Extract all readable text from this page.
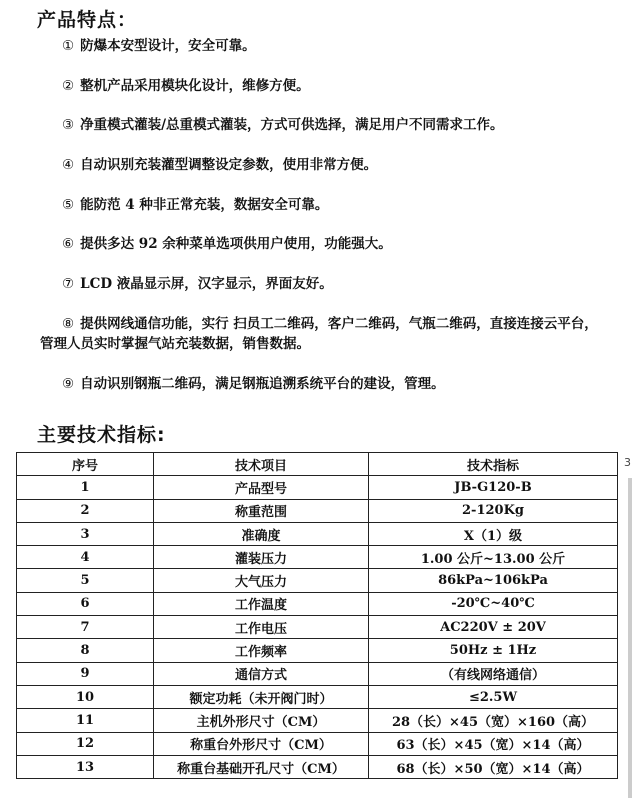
产品特点：

① 防爆本安型设计，安全可靠。

② 整机产品采用模块化设计，维修方便。

③ 净重模式灌装/总重模式灌装，方式可供选择，满足用户不同需求工作。

④ 自动识别充装灌型调整设定参数，使用非常方便。

⑤ 能防范 4 种非正常充装，数据安全可靠。

⑥ 提供多达 92 余种菜单选项供用户使用，功能强大。

⑦ LCD 液晶显示屏，汉字显示，界面友好。

⑧ 提供网线通信功能，实行 扫员工二维码，客户二维码，气瓶二维码，直接连接云平台，管理人员实时掌握气站充装数据，销售数据。

⑨ 自动识别钢瓶二维码，满足钢瓶追溯系统平台的建设，管理。

主要技术指标:
序号	技术项目	技术指标
1	产品型号	JB-G120-B
2	称重范围	2-120Kg
3	准确度	X（1）级
4	灌装压力	1.00 公斤~13.00 公斤
5	大气压力	86kPa~106kPa
6	工作温度	-20℃~40℃
7	工作电压	AC220V ± 20V
8	工作频率	50Hz ± 1Hz
9	通信方式	（有线网络通信）
10	额定功耗（未开阀门时）	≤2.5W
11	主机外形尺寸（CM）	28（长）×45（宽）×160（高）
12	称重台外形尺寸（CM）	63（长）×45（宽）×14（高）
13	称重台基础开孔尺寸（CM）	68（长）×50（宽）×14（高）
3
